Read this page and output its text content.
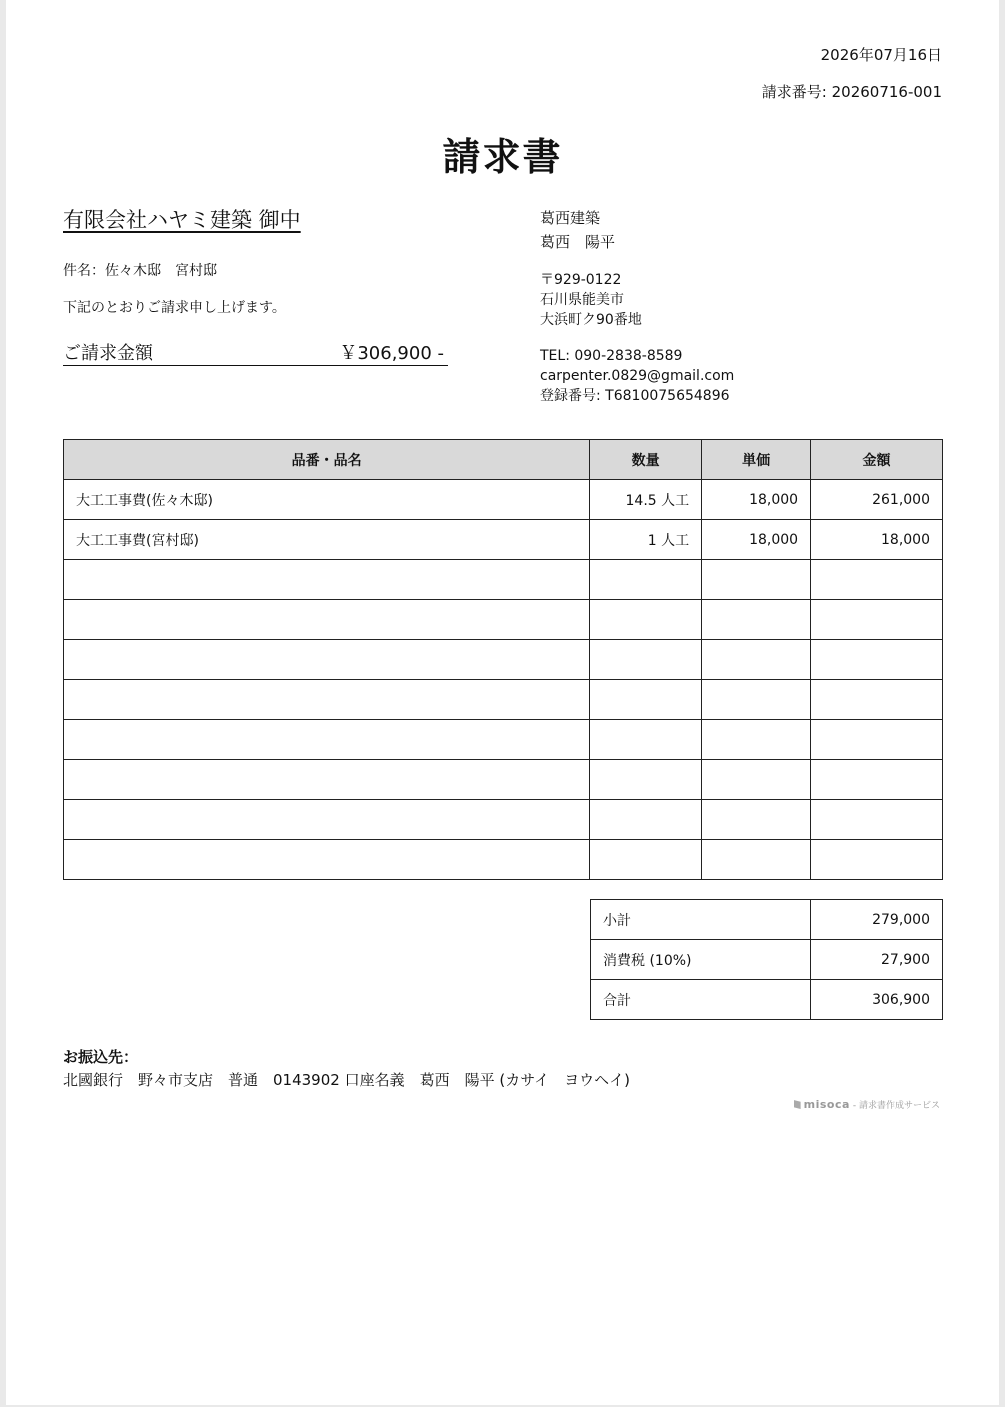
2026年07月16日
請求番号: 20260716-001
請求書
有限会社ハヤミ建築 御中
件名：佐々木邸　宮村邸
下記のとおりご請求申し上げます。
ご請求金額	￥306,900 -
葛西建築
葛西　陽平
〒929-0122
石川県能美市
大浜町ク90番地
TEL: 090-2838-8589
carpenter.0829@gmail.com
登録番号: T6810075654896
品番・品名	数量	単価	金額
大工工事費(佐々木邸)	14.5 人工	18,000	261,000
大工工事費(宮村邸)	1 人工	18,000	18,000

小計	279,000
消費税 (10%)	27,900
合計	306,900
お振込先：
北國銀行　野々市支店　普通　0143902 口座名義　葛西　陽平 (カサイ　ヨウヘイ)
misoca - 請求書作成サービス
